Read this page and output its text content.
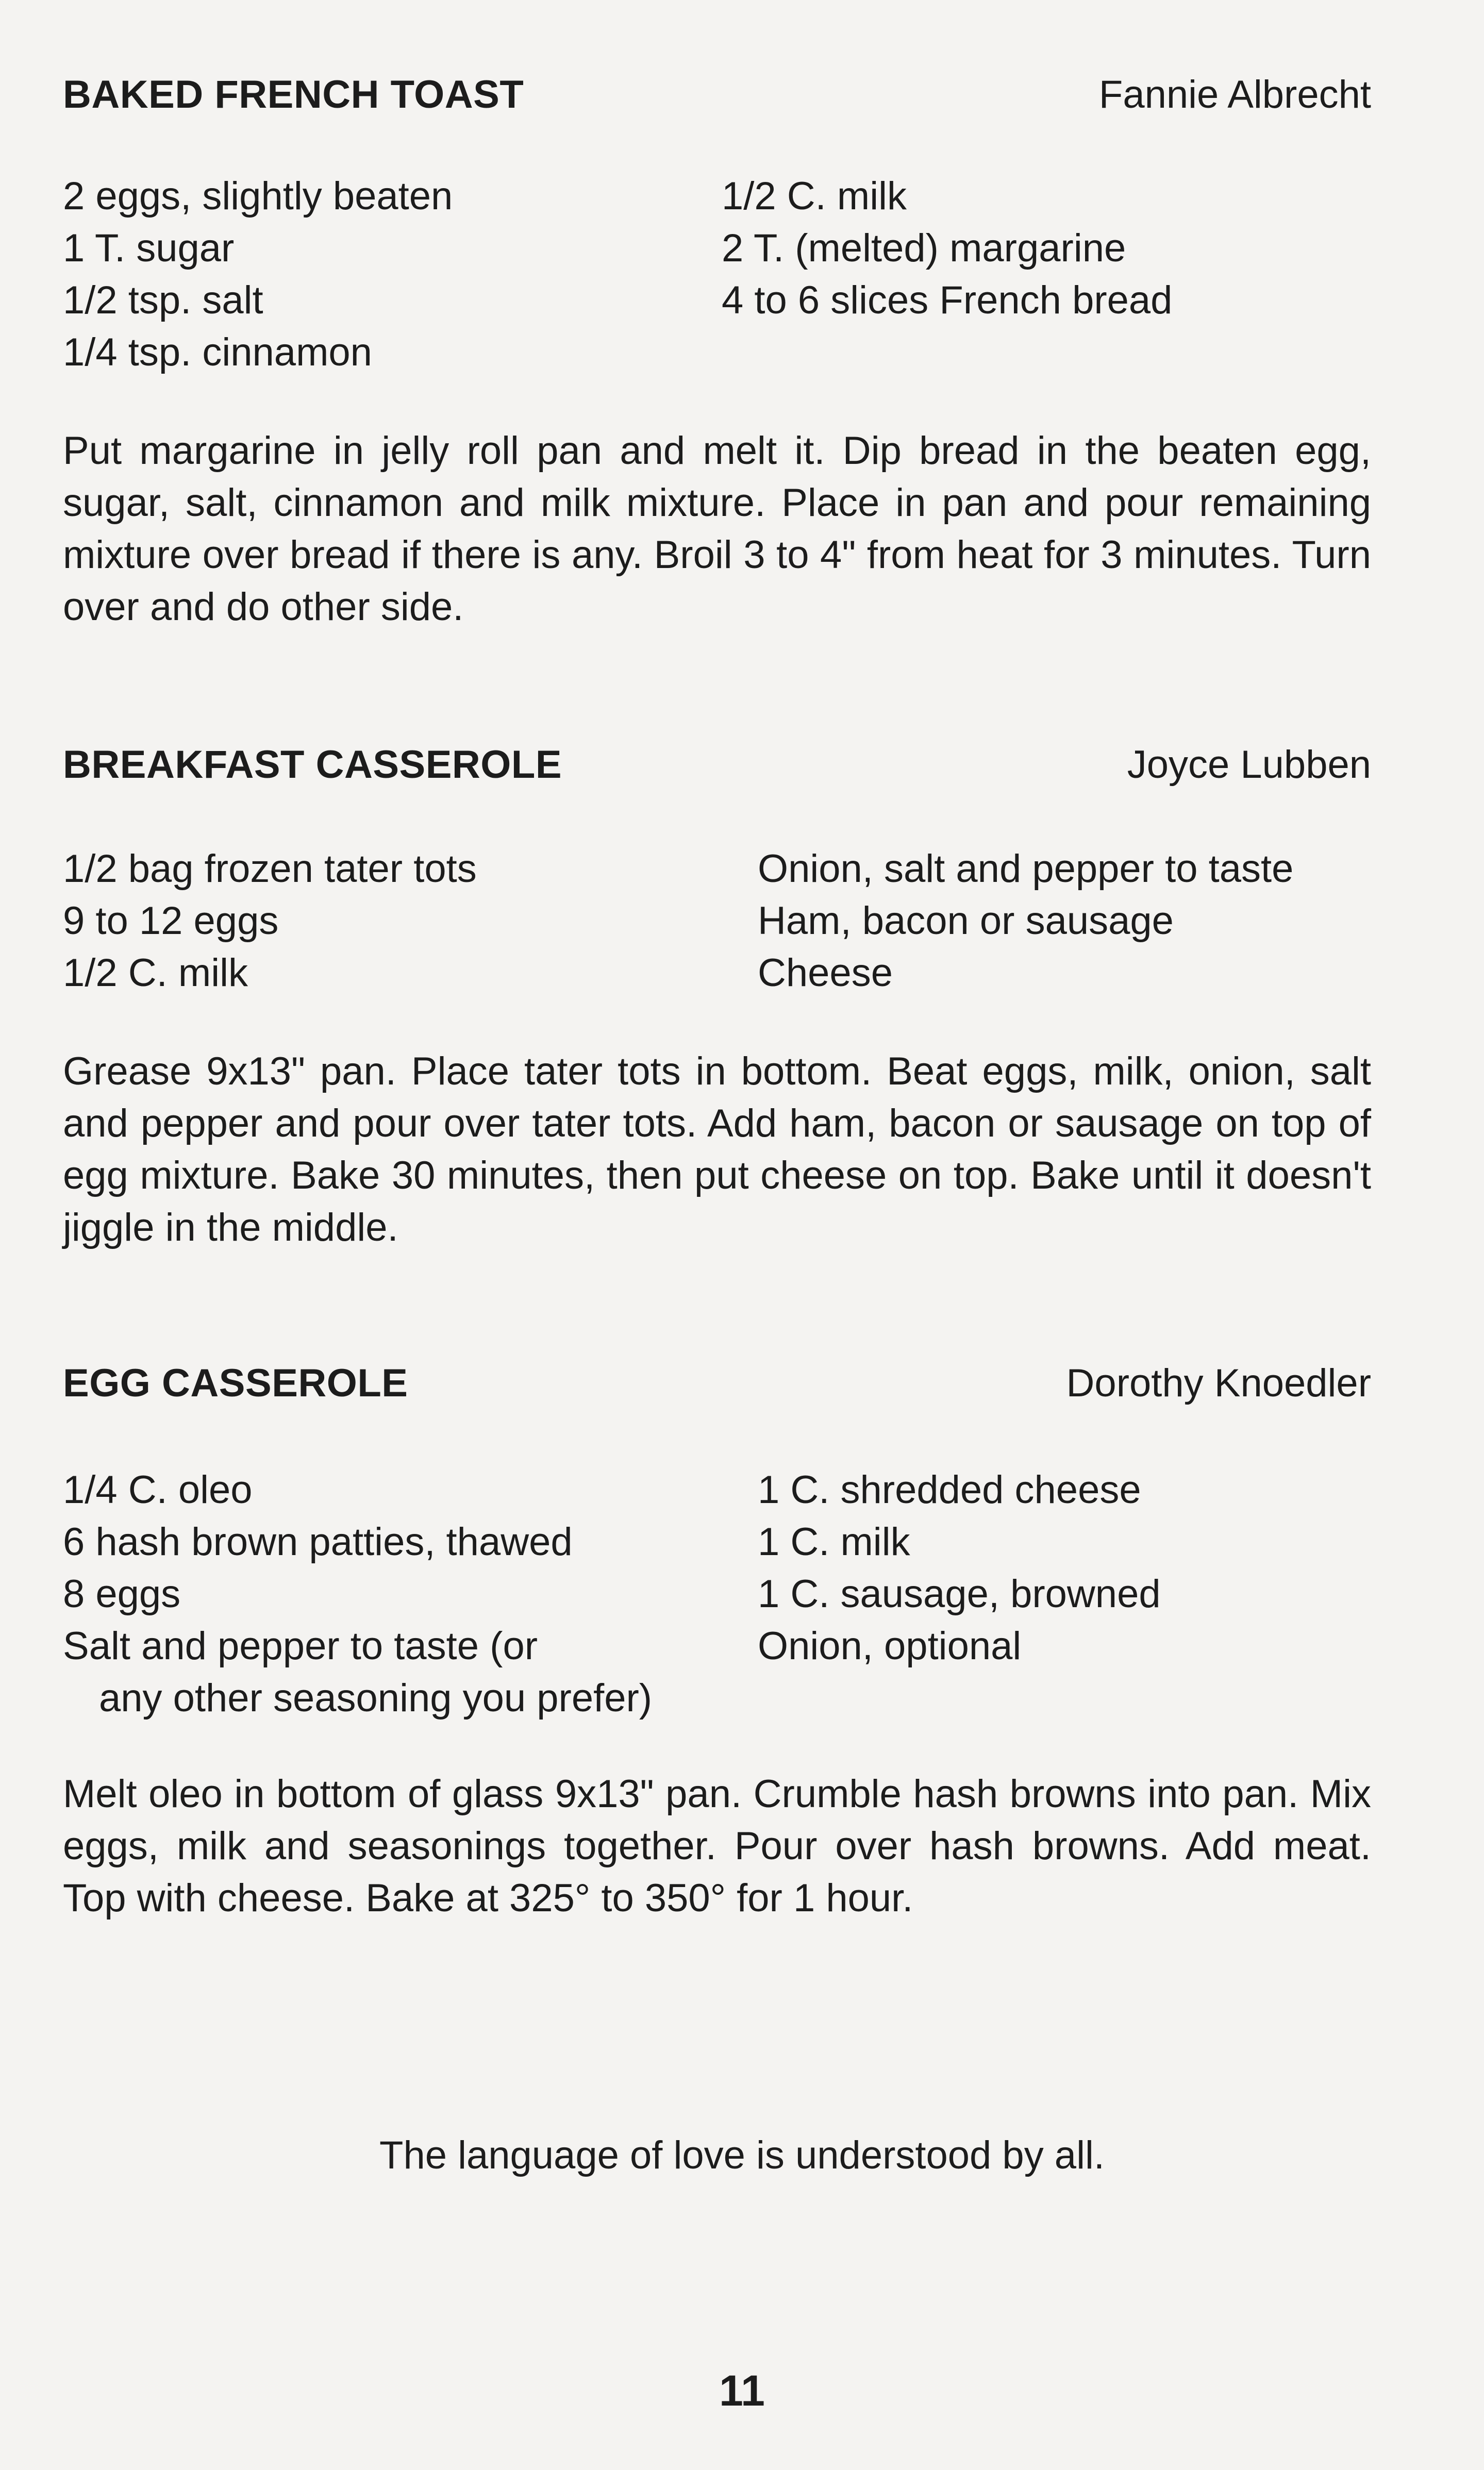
BAKED FRENCH TOAST	Fannie Albrecht
2 eggs, slightly beaten
1 T. sugar
1/2 tsp. salt
1/4 tsp. cinnamon
1/2 C. milk
2 T. (melted) margarine
4 to 6 slices French bread
Put margarine in jelly roll pan and melt it. Dip bread in the beaten egg, sugar, salt, cinnamon and milk mixture. Place in pan and pour remaining mixture over bread if there is any. Broil 3 to 4" from heat for 3 minutes. Turn over and do other side.
BREAKFAST CASSEROLE	Joyce Lubben
1/2 bag frozen tater tots
9 to 12 eggs
1/2 C. milk
Onion, salt and pepper to taste
Ham, bacon or sausage
Cheese
Grease 9x13" pan. Place tater tots in bottom. Beat eggs, milk, onion, salt and pepper and pour over tater tots. Add ham, bacon or sausage on top of egg mixture. Bake 30 minutes, then put cheese on top. Bake until it doesn't jiggle in the middle.
EGG CASSEROLE	Dorothy Knoedler
1/4 C. oleo
6 hash brown patties, thawed
8 eggs
Salt and pepper to taste (or
any other seasoning you prefer)
1 C. shredded cheese
1 C. milk
1 C. sausage, browned
Onion, optional
Melt oleo in bottom of glass 9x13" pan. Crumble hash browns into pan. Mix eggs, milk and seasonings together. Pour over hash browns. Add meat. Top with cheese. Bake at 325° to 350° for 1 hour.
The language of love is understood by all.
11
